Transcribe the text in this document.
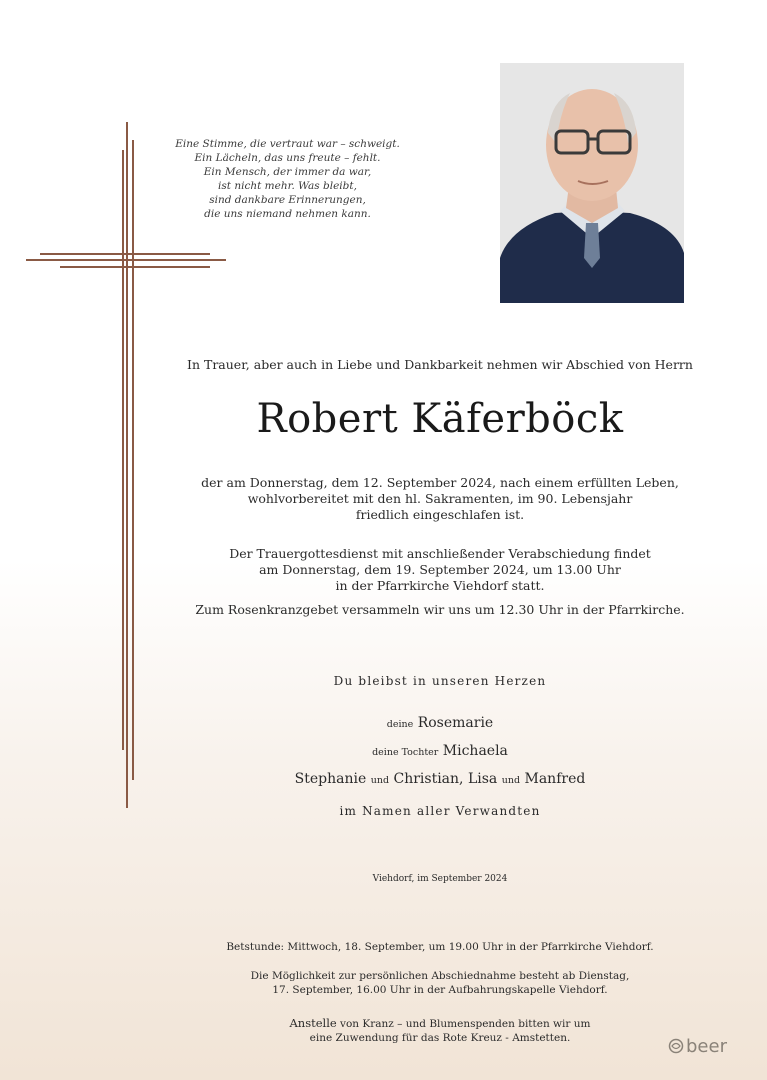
Eine Stimme, die vertraut war – schweigt.
Ein Lächeln, das uns freute – fehlt.
Ein Mensch, der immer da war,
ist nicht mehr. Was bleibt,
sind dankbare Erinnerungen,
die uns niemand nehmen kann.
In Trauer, aber auch in Liebe und Dankbarkeit nehmen wir Abschied von Herrn
Robert Käferböck
der am Donnerstag, dem 12. September 2024, nach einem erfüllten Leben,
wohlvorbereitet mit den hl. Sakramenten, im 90. Lebensjahr
friedlich eingeschlafen ist.
Der Trauergottesdienst mit anschließender Verabschiedung findet
am Donnerstag, dem 19. September 2024, um 13.00 Uhr
in der Pfarrkirche Viehdorf statt.
Zum Rosenkranzgebet versammeln wir uns um 12.30 Uhr in der Pfarrkirche.
Du bleibst in unseren Herzen
deine Rosemarie
deine Tochter Michaela
Stephanie und Christian, Lisa und Manfred
im Namen aller Verwandten
Viehdorf, im September 2024
Betstunde: Mittwoch, 18. September, um 19.00 Uhr in der Pfarrkirche Viehdorf.
Die Möglichkeit zur persönlichen Abschiednahme besteht ab Dienstag,
17. September, 16.00 Uhr in der Aufbahrungskapelle Viehdorf.
Anstelle von Kranz – und Blumenspenden bitten wir um
eine Zuwendung für das Rote Kreuz - Amstetten.	beer
